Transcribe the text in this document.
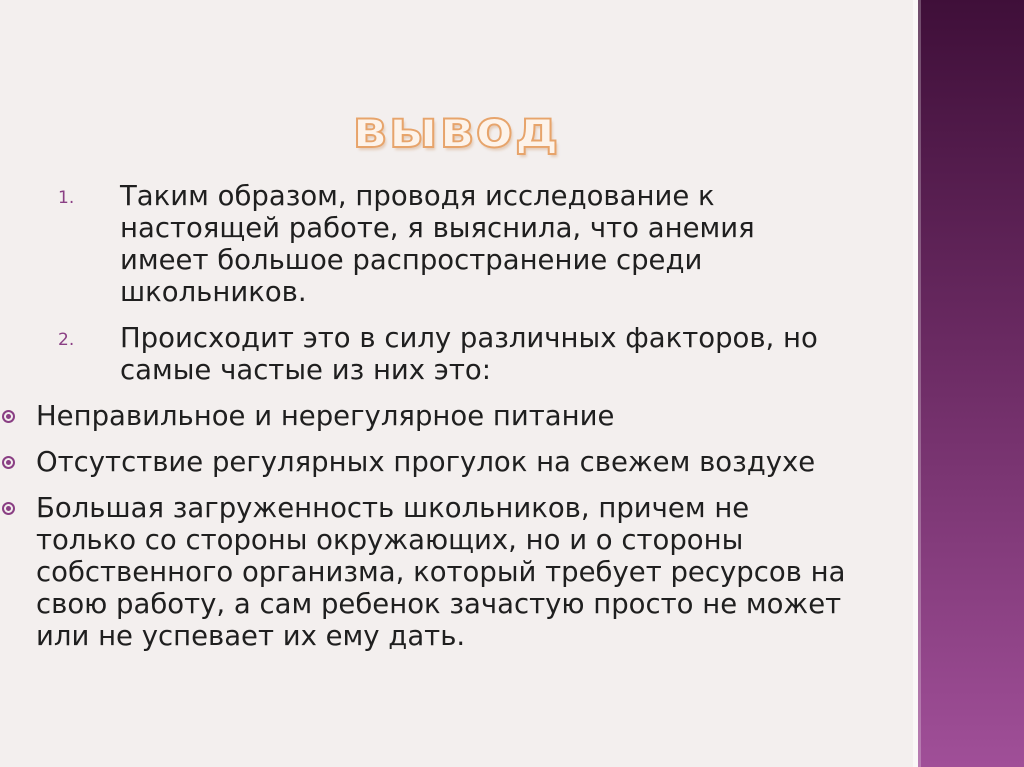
вывод
1. Таким образом, проводя исследование к настоящей работе, я выяснила, что анемия имеет большое распространение среди школьников.
2. Происходит это в силу различных факторов, но самые частые из них это:
Неправильное и нерегулярное питание
Отсутствие регулярных прогулок на свежем воздухе
Большая загруженность школьников, причем не только со стороны окружающих, но и о стороны собственного организма, который требует ресурсов на свою работу, а сам ребенок зачастую просто не может или не успевает их ему дать.
